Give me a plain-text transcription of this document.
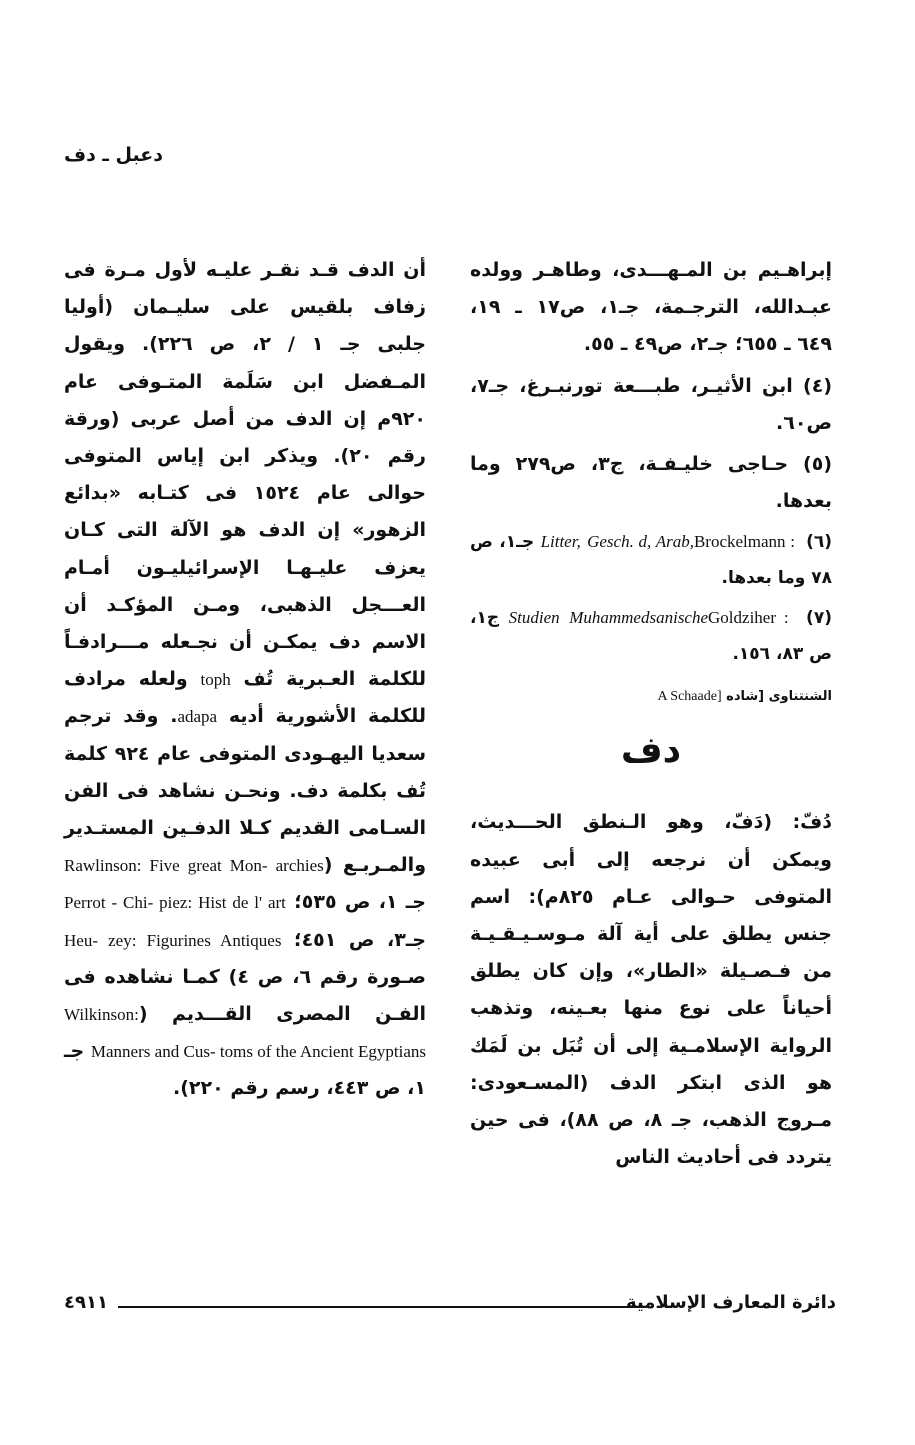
دعبل ـ دف

إبراهـيم بن المـهـــدى، وطاهـر وولده عبـدالله، الترجـمة، جـ١، ص١٧ ـ ١٩، ٦٤٩ ـ ٦٥٥؛ جـ٢، ص٤٩ ـ ٥٥.

(٤) ابن الأثيـر، طبـــعة تورنبـرغ، جـ٧، ص٦٠.

(٥) حـاجى خليـفـة، ج٣، ص٢٧٩ وما بعدها.

(٦) Brockelmann : Gesch. d, Arab, Litter, جـ١، ص ٧٨ وما بعدها.

(٧) Goldziher : Muhammedsanische Studien ج١، ص ٨٣، ١٥٦.

الشنتناوى [شاده A Schaade]

دف

دُفّ: (دَفّ، وهو الـنطق الحـــديث، ويمكن أن نرجعه إلى أبى عبيده المتوفى حـوالى عـام ٨٢٥م): اسم جنس يطلق على أية آلة مـوسـيـقـيـة من فـصـيلة «الطار»، وإن كان يطلق أحياناً على نوع منها بعـينه، وتذهب الرواية الإسلامـية إلى أن تُبَل بن لَمَك هو الذى ابتكر الدف (المسـعودى: مـروج الذهب، جـ ٨، ص ٨٨)، فى حين يتردد فى أحاديث الناس

أن الدف قـد نقـر عليـه لأول مـرة فى زفاف بلقيس على سليـمان (أوليا جلبى جـ ١ / ٢، ص ٢٢٦). ويقول المـفضل ابن سَلَمة المتـوفى عام ٩٢٠م إن الدف من أصل عربى (ورقة رقم ٢٠). ويذكر ابن إياس المتوفى حوالى عام ١٥٢٤ فى كتـابه «بدائع الزهور» إن الدف هو الآلة التى كـان يعزف عليـهـا الإسرائيليـون أمـام العـــجل الذهبى، ومـن المؤكـد أن الاسم دف يمكـن أن نجـعله مـــرادفـاً للكلمة العـبرية تُف toph ولعله مرادف للكلمة الأشورية أديه adapa. وقد ترجم سعديا اليهـودى المتوفى عام ٩٢٤ كلمة تُف بكلمة دف. ونحـن نشاهد فى الفن السـامى القديم كـلا الدفـين المستـدير والمـربـع (Rawlinson: Five great Mon- archies جـ ١، ص ٥٣٥؛ Perrot - Chi- piez: Hist de l' art جـ٣، ص ٤٥١؛ Heu- zey: Figurines Antiques صـورة رقم ٦، ص ٤) كمـا نشاهده فى الفـن المصرى القـــديم (Wilkinson: Manners and Cus- toms of the Ancient Egyptians جـ ١، ص ٤٤٣، رسم رقم ٢٢٠).

دائرة المعارف الإسلامية
٤٩١١
